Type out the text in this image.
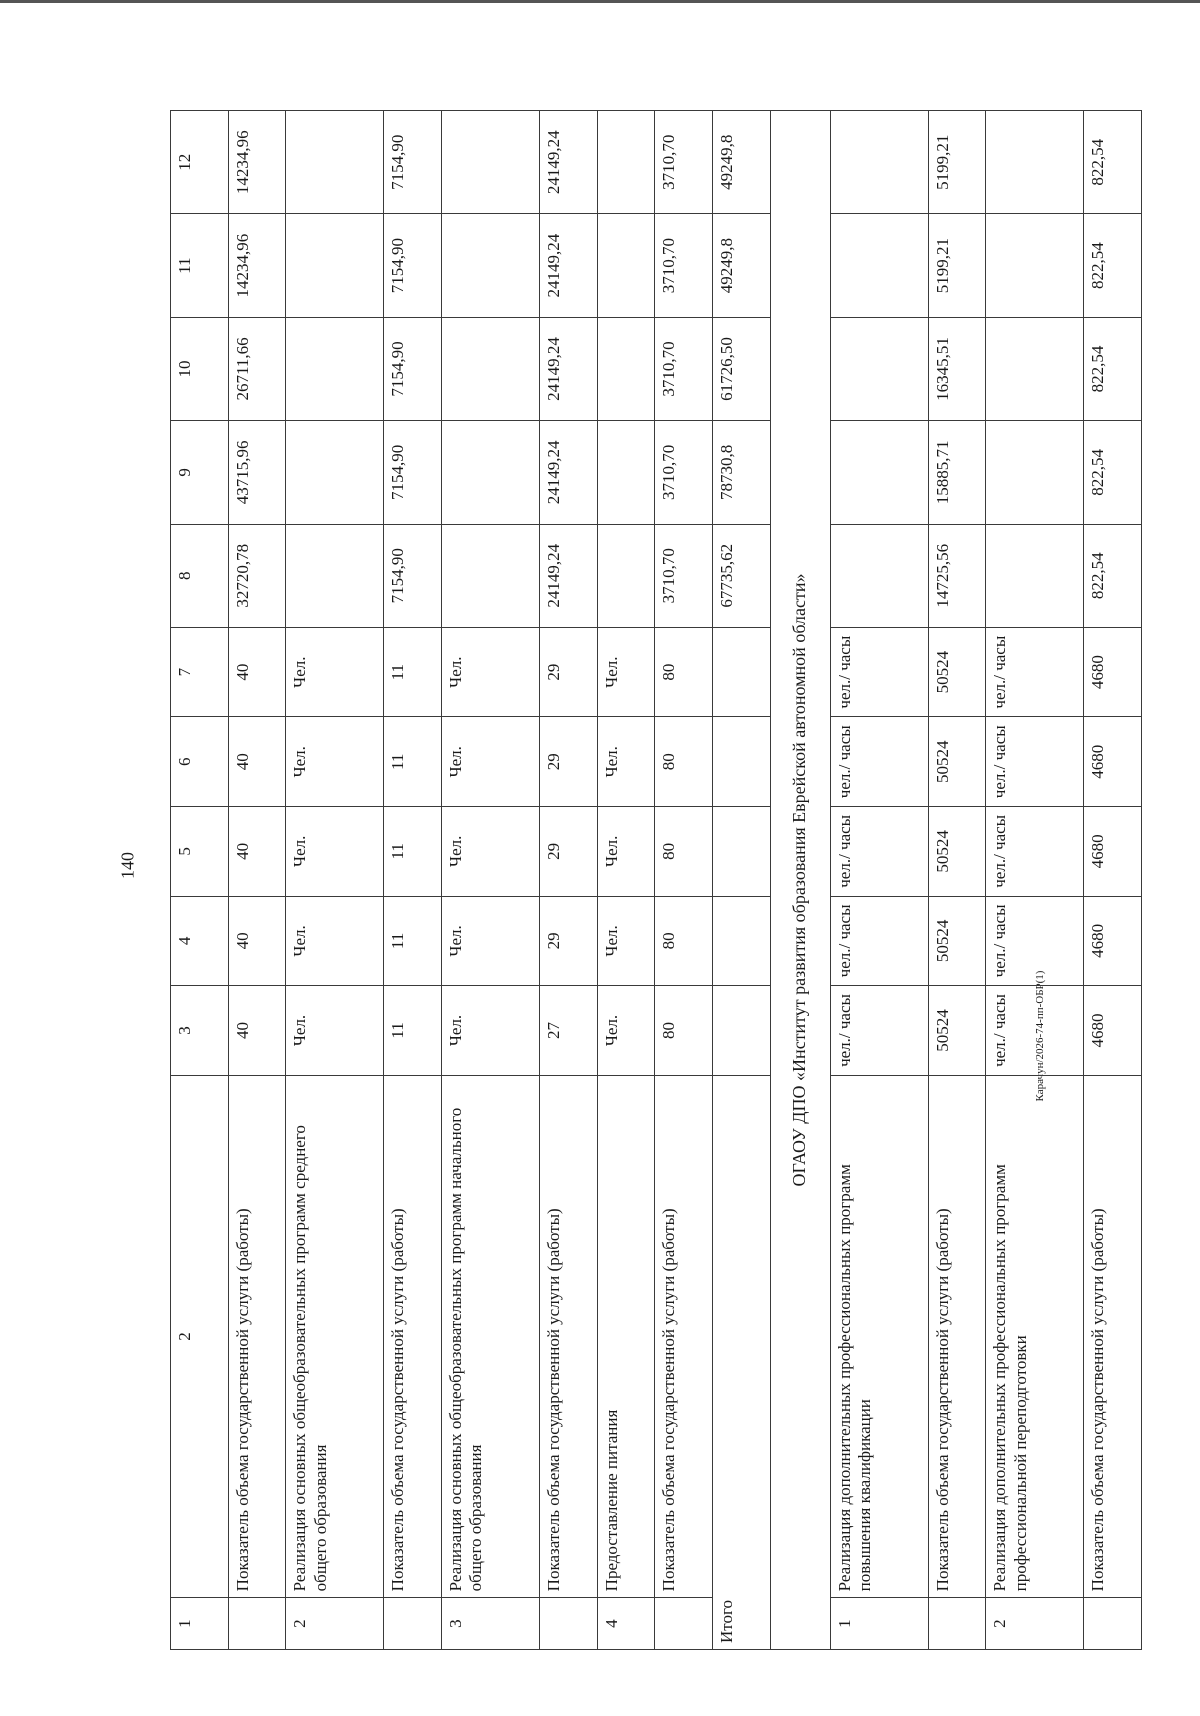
140
Карачун/2026-74-пп-ОБР(1)
1	2	3	4	5	6	7	8	9	10	11	12
	Показатель объема государственной услуги (работы)	40	40	40	40	40	32720,78	43715,96	26711,66	14234,96	14234,96
2	Реализация основных общеобразовательных программ среднего общего образования	Чел.	Чел.	Чел.	Чел.	Чел.					
	Показатель объема государственной услуги (работы)	11	11	11	11	11	7154,90	7154,90	7154,90	7154,90	7154,90
3	Реализация основных общеобразовательных программ начального общего образования	Чел.	Чел.	Чел.	Чел.	Чел.					
	Показатель объема государственной услуги (работы)	27	29	29	29	29	24149,24	24149,24	24149,24	24149,24	24149,24
4	Предоставление питания	Чел.	Чел.	Чел.	Чел.	Чел.					
	Показатель объема государственной услуги (работы)	80	80	80	80	80	3710,70	3710,70	3710,70	3710,70	3710,70
Итого							67735,62	78730,8	61726,50	49249,8	49249,8
ОГАОУ ДПО «Институт развития образования Еврейской автономной области»											
1	Реализация дополнительных профессиональных программ повышения квалификации	чел./ часы	чел./ часы	чел./ часы	чел./ часы	чел./ часы					
	Показатель объема государственной услуги (работы)	50524	50524	50524	50524	50524	14725,56	15885,71	16345,51	5199,21	5199,21
2	Реализация дополнительных профессиональных программ профессиональной переподготовки	чел./ часы	чел./ часы	чел./ часы	чел./ часы	чел./ часы					
	Показатель объема государственной услуги (работы)	4680	4680	4680	4680	4680	822,54	822,54	822,54	822,54	822,54
